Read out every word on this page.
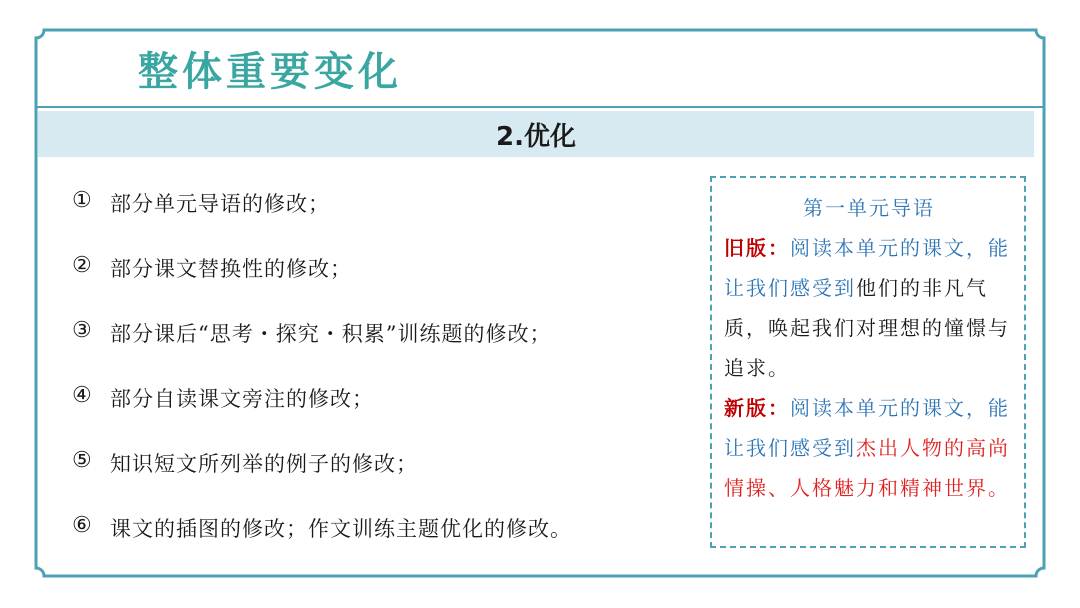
整体重要变化
2.优化
① 部分单元导语的修改；
② 部分课文替换性的修改；
③ 部分课后“思考・探究・积累”训练题的修改；
④ 部分自读课文旁注的修改；
⑤ 知识短文所列举的例子的修改；
⑥ 课文的插图的修改；作文训练主题优化的修改。
第一单元导语

旧版：阅读本单元的课文，能让我们感受到他们的非凡气质，唤起我们对理想的憧憬与追求。

新版：阅读本单元的课文，能让我们感受到杰出人物的高尚情操、人格魅力和精神世界。
